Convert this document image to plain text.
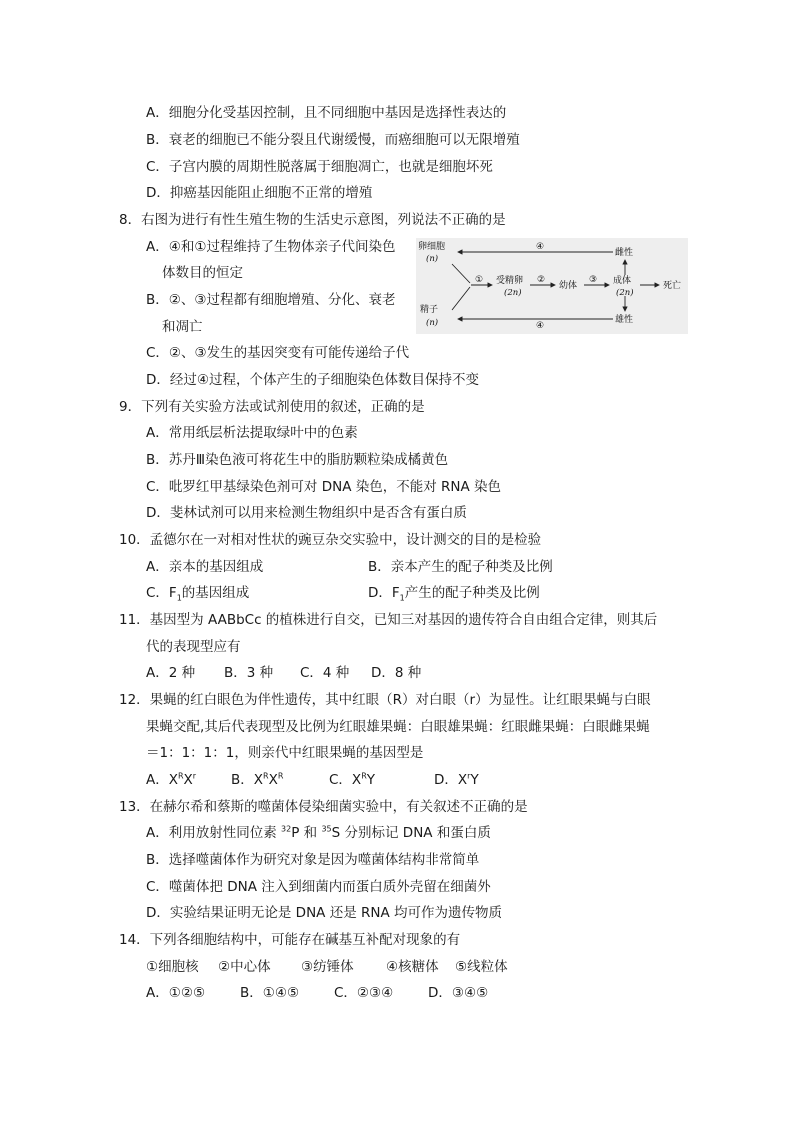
A．细胞分化受基因控制，且不同细胞中基因是选择性表达的
B．衰老的细胞已不能分裂且代谢缓慢，而癌细胞可以无限增殖
C．子宫内膜的周期性脱落属于细胞凋亡，也就是细胞坏死
D．抑癌基因能阻止细胞不正常的增殖
8．右图为进行有性生殖生物的生活史示意图，列说法不正确的是
A．④和①过程维持了生物体亲子代间染色
体数目的恒定
B．②、③过程都有细胞增殖、分化、衰老
和凋亡
C．②、③发生的基因突变有可能传递给子代
D．经过④过程，个体产生的子细胞染色体数目保持不变
卵细胞
(n)
精子
(n)
① 受精卵
(2n)
②
幼体
③ 成体
(2n)
死亡
雌性
雄性
④
④
9．下列有关实验方法或试剂使用的叙述，正确的是
A．常用纸层析法提取绿叶中的色素
B．苏丹Ⅲ染色液可将花生中的脂肪颗粒染成橘黄色
C．吡罗红甲基绿染色剂可对 DNA 染色，不能对 RNA 染色
D．斐林试剂可以用来检测生物组织中是否含有蛋白质
10．孟德尔在一对相对性状的豌豆杂交实验中，设计测交的目的是检验
A．亲本的基因组成	B．亲本产生的配子种类及比例
C．$F_1$的基因组成	D．$F_1$产生的配子种类及比例
11．基因型为 AABbCc 的植株进行自交，已知三对基因的遗传符合自由组合定律，则其后
代的表现型应有
A．2 种 B．3 种 C．4 种 D．8 种
12．果蝇的红白眼色为伴性遗传，其中红眼（R）对白眼（r）为显性。让红眼果蝇与白眼
果蝇交配,其后代表现型及比例为红眼雄果蝇：白眼雄果蝇：红眼雌果蝇：白眼雌果蝇
＝1：1：1：1，则亲代中红眼果蝇的基因型是
A．$X^RX^r$	B．$X^RX^R$	C．$X^RY$	D．$X^rY$
13．在赫尔希和蔡斯的噬菌体侵染细菌实验中，有关叙述不正确的是
A．利用放射性同位素 $^{32}$P 和 $^{35}$S 分别标记 DNA 和蛋白质
B．选择噬菌体作为研究对象是因为噬菌体结构非常简单
C．噬菌体把 DNA 注入到细菌内而蛋白质外壳留在细菌外
D．实验结果证明无论是 DNA 还是 RNA 均可作为遗传物质
14．下列各细胞结构中，可能存在碱基互补配对现象的有
①细胞核 ②中心体 ③纺锤体 ④核糖体 ⑤线粒体
A．①②⑤	B．①④⑤	C．②③④	D．③④⑤
